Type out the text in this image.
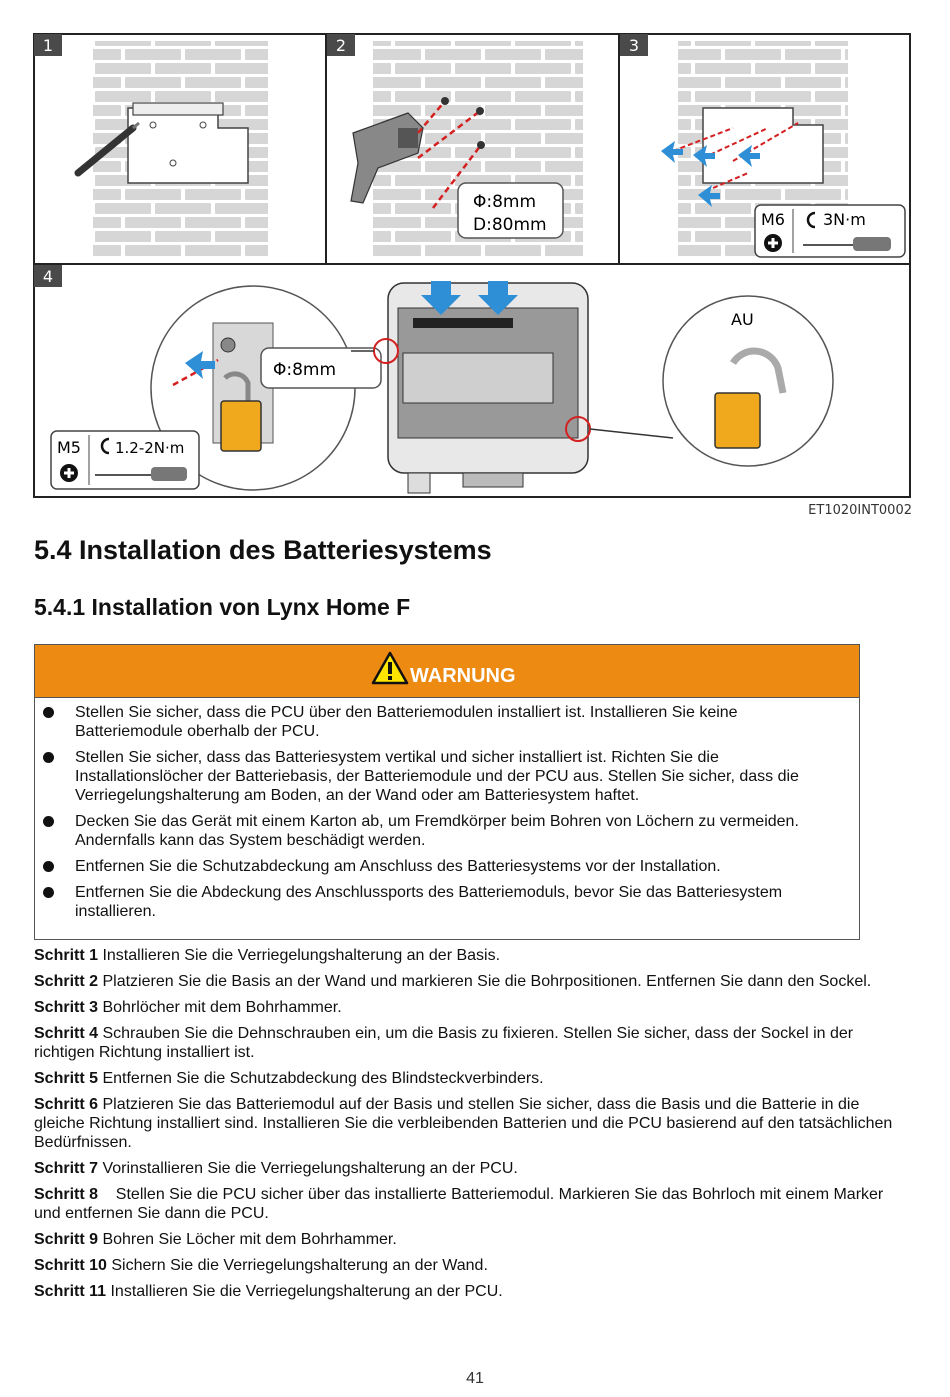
1	2
Φ:8mm
D:80mm
3
M6 3N·m
4
Φ:8mm
M5 1.2-2N·m
AU
ET1020INT0002
5.4 Installation des Batteriesystems
5.4.1 Installation von Lynx Home F
WARNUNG
Stellen Sie sicher, dass die PCU über den Batteriemodulen installiert ist. Installieren Sie keine Batteriemodule oberhalb der PCU.
Stellen Sie sicher, dass das Batteriesystem vertikal und sicher installiert ist. Richten Sie die Installationslöcher der Batteriebasis, der Batteriemodule und der PCU aus. Stellen Sie sicher, dass die Verriegelungshalterung am Boden, an der Wand oder am Batteriesystem haftet.
Decken Sie das Gerät mit einem Karton ab, um Fremdkörper beim Bohren von Löchern zu vermeiden. Andernfalls kann das System beschädigt werden.
Entfernen Sie die Schutzabdeckung am Anschluss des Batteriesystems vor der Installation.
Entfernen Sie die Abdeckung des Anschlussports des Batteriemoduls, bevor Sie das Batteriesystem installieren.
Schritt 1 Installieren Sie die Verriegelungshalterung an der Basis.
Schritt 2 Platzieren Sie die Basis an der Wand und markieren Sie die Bohrpositionen. Entfernen Sie dann den Sockel.
Schritt 3 Bohrlöcher mit dem Bohrhammer.
Schritt 4 Schrauben Sie die Dehnschrauben ein, um die Basis zu fixieren. Stellen Sie sicher, dass der Sockel in der richtigen Richtung installiert ist.
Schritt 5 Entfernen Sie die Schutzabdeckung des Blindsteckverbinders.
Schritt 6 Platzieren Sie das Batteriemodul auf der Basis und stellen Sie sicher, dass die Basis und die Batterie in die gleiche Richtung installiert sind. Installieren Sie die verbleibenden Batterien und die PCU basierend auf den tatsächlichen Bedürfnissen.
Schritt 7 Vorinstallieren Sie die Verriegelungshalterung an der PCU.
Schritt 8    Stellen Sie die PCU sicher über das installierte Batteriemodul. Markieren Sie das Bohrloch mit einem Marker und entfernen Sie dann die PCU.
Schritt 9 Bohren Sie Löcher mit dem Bohrhammer.
Schritt 10 Sichern Sie die Verriegelungshalterung an der Wand.
Schritt 11 Installieren Sie die Verriegelungshalterung an der PCU.
41
